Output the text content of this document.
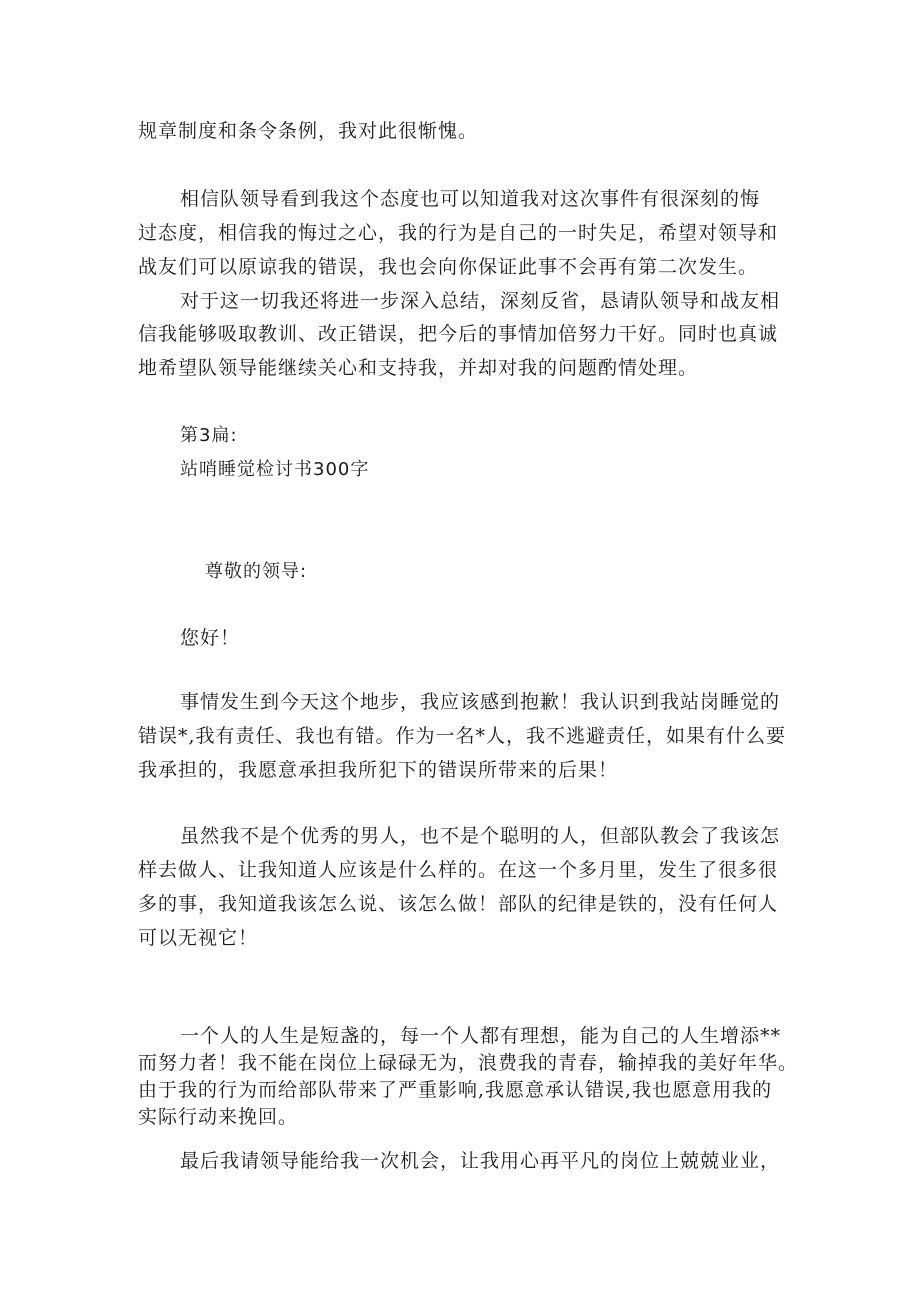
规章制度和条令条例，我对此很惭愧。
相信队领导看到我这个态度也可以知道我对这次事件有很深刻的悔
过态度，相信我的悔过之心，我的行为是自己的一时失足，希望对领导和
战友们可以原谅我的错误，我也会向你保证此事不会再有第二次发生。
对于这一切我还将进一步深入总结，深刻反省，恳请队领导和战友相
信我能够吸取教训、改正错误，把今后的事情加倍努力干好。同时也真诚
地希望队领导能继续关心和支持我，并却对我的问题酌情处理。
第3扁:
站哨睡觉检讨书300字
尊敬的领导:
您好！
事情发生到今天这个地步，我应该感到抱歉！我认识到我站岗睡觉的
错误*,我有责任、我也有错。作为一名*人，我不逃避责任，如果有什么要
我承担的，我愿意承担我所犯下的错误所带来的后果！
虽然我不是个优秀的男人，也不是个聪明的人，但部队教会了我该怎
样去做人、让我知道人应该是什么样的。在这一个多月里，发生了很多很
多的事，我知道我该怎么说、该怎么做！部队的纪律是铁的，没有任何人
可以无视它！
一个人的人生是短盏的，每一个人都有理想，能为自己的人生增添**
而努力者！我不能在岗位上碌碌无为，浪费我的青春，输掉我的美好年华。
由于我的行为而给部队带来了严重影响,我愿意承认错误,我也愿意用我的
实际行动来挽回。
最后我请领导能给我一次机会，让我用心再平凡的岗位上兢兢业业，
